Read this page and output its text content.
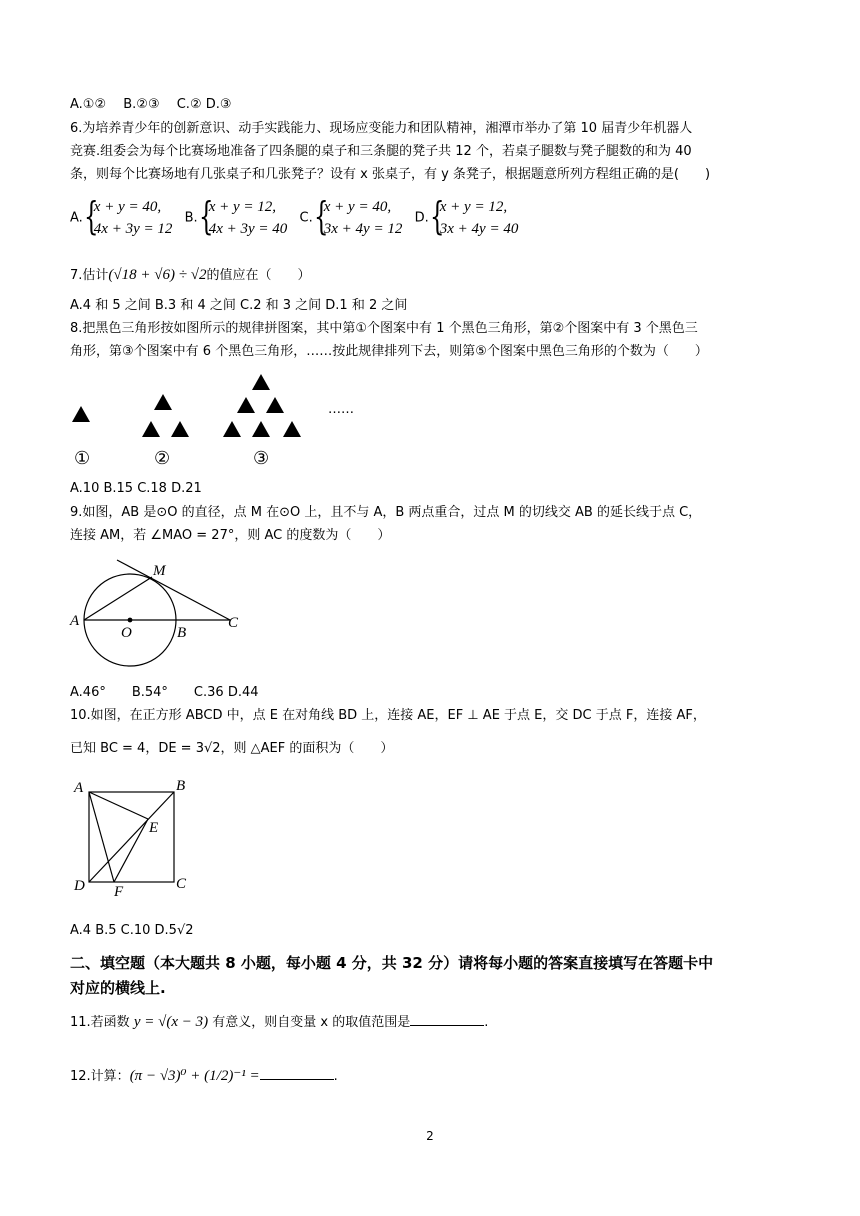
A.①②　 B.②③　 C.② D.③
6.为培养青少年的创新意识、动手实践能力、现场应变能力和团队精神，湘潭市举办了第 10 届青少年机器人
竞赛.组委会为每个比赛场地准备了四条腿的桌子和三条腿的凳子共 12 个，若桌子腿数与凳子腿数的和为 40
条，则每个比赛场地有几张桌子和几张凳子？设有 x 张桌子，有 y 条凳子，根据题意所列方程组正确的是(　　)
A. {
x + y = 40,
4x + 3y = 12
B. {
x + y = 12,
4x + 3y = 40
C. {
x + y = 40,
3x + 4y = 12
D. {
x + y = 12,
3x + 4y = 40
7.估计(√18 + √6) ÷ √2的值应在（　　）
A.4 和 5 之间 B.3 和 4 之间 C.2 和 3 之间 D.1 和 2 之间
8.把黑色三角形按如图所示的规律拼图案，其中第①个图案中有 1 个黑色三角形，第②个图案中有 3 个黑色三
角形，第③个图案中有 6 个黑色三角形，……按此规律排列下去，则第⑤个图案中黑色三角形的个数为（　　）
……
①	②	③
A.10 B.15 C.18 D.21
9.如图，AB 是⊙O 的直径，点 M 在⊙O 上，且不与 A，B 两点重合，过点 M 的切线交 AB 的延长线于点 C，
连接 AM，若 ∠MAO = 27°，则 AC 的度数为（　　）
A
O	B
C
M
A.46°　　B.54°　　C.36 D.44
10.如图，在正方形 ABCD 中，点 E 在对角线 BD 上，连接 AE，EF ⊥ AE 于点 E，交 DC 于点 F，连接 AF，
已知 BC = 4，DE = 3√2，则 △AEF 的面积为（　　）
A	B
E
D F	C
A.4 B.5 C.10 D.5√2
二、填空题（本大题共 8 小题，每小题 4 分，共 32 分）请将每小题的答案直接填写在答题卡中
对应的横线上.
11.若函数 y = √(x − 3) 有意义，则自变量 x 的取值范围是	.
12.计算：(π − √3)⁰ + (1/2)⁻¹ =	.
2
